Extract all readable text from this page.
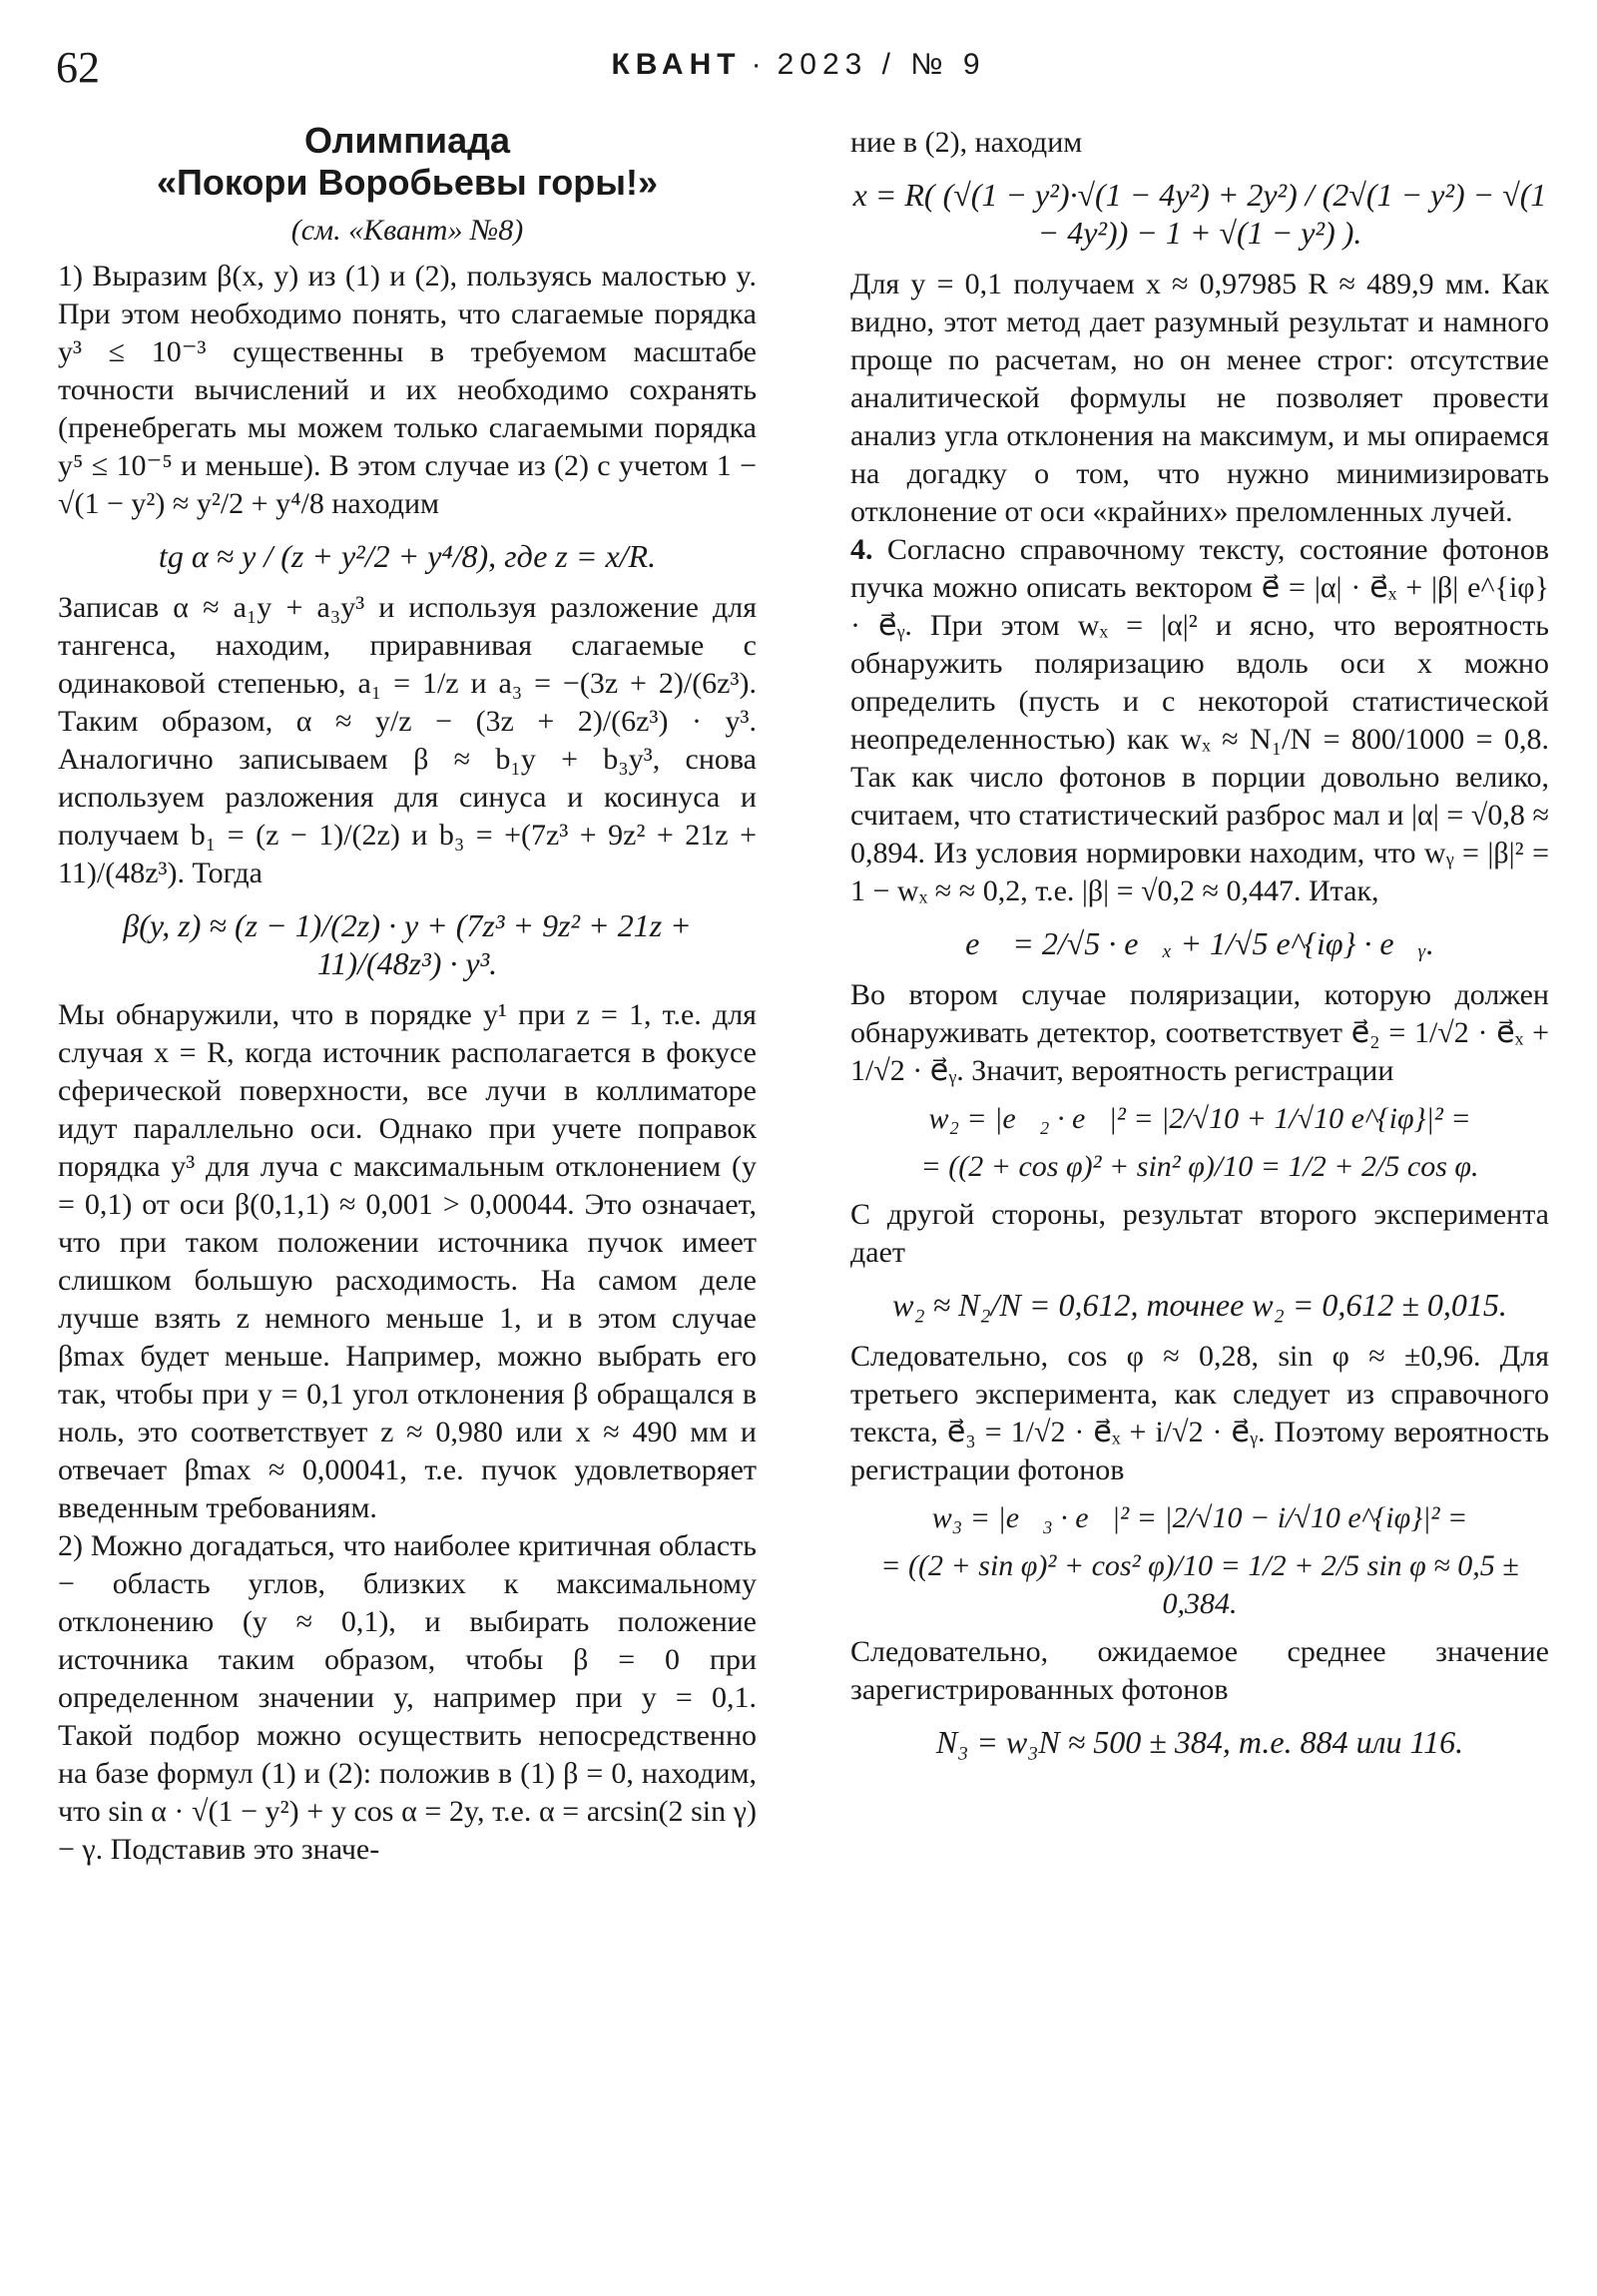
62	КВАНТ · 2023 / № 9
Олимпиада
«Покори Воробьевы горы!»
(см. «Квант» №8)

1) Выразим β(x, y) из (1) и (2), пользуясь малостью y. При этом необходимо понять, что слагаемые порядка y³ ≤ 10⁻³ существенны в требуемом масштабе точности вычислений и их необходимо сохранять (пренебрегать мы можем только слагаемыми порядка y⁵ ≤ 10⁻⁵ и меньше). В этом случае из (2) с учетом 1 − √(1 − y²) ≈ y²/2 + y⁴/8 находим

tg α ≈ y / (z + y²/2 + y⁴/8), где z = x/R.

Записав α ≈ a₁y + a₃y³ и используя разложение для тангенса, находим, приравнивая слагаемые с одинаковой степенью, a₁ = 1/z и a₃ = −(3z + 2)/(6z³). Таким образом, α ≈ y/z − (3z + 2)/(6z³) · y³. Аналогично записываем β ≈ b₁y + b₃y³, снова используем разложения для синуса и косинуса и получаем b₁ = (z − 1)/(2z) и b₃ = +(7z³ + 9z² + 21z + 11)/(48z³). Тогда

β(y, z) ≈ (z − 1)/(2z) · y + (7z³ + 9z² + 21z + 11)/(48z³) · y³.

Мы обнаружили, что в порядке y¹ при z = 1, т.е. для случая x = R, когда источник располагается в фокусе сферической поверхности, все лучи в коллиматоре идут параллельно оси. Однако при учете поправок порядка y³ для луча с максимальным отклонением (y = 0,1) от оси β(0,1,1) ≈ 0,001 > 0,00044. Это означает, что при таком положении источника пучок имеет слишком большую расходимость. На самом деле лучше взять z немного меньше 1, и в этом случае βmax будет меньше. Например, можно выбрать его так, чтобы при y = 0,1 угол отклонения β обращался в ноль, это соответствует z ≈ 0,980 или x ≈ 490 мм и отвечает βmax ≈ 0,00041, т.е. пучок удовлетворяет введенным требованиям.

2) Можно догадаться, что наиболее критичная область − область углов, близких к максимальному отклонению (y ≈ 0,1), и выбирать положение источника таким образом, чтобы β = 0 при определенном значении y, например при y = 0,1. Такой подбор можно осуществить непосредственно на базе формул (1) и (2): положив в (1) β = 0, находим, что sin α · √(1 − y²) + y cos α = 2y, т.е. α = arcsin(2 sin γ) − γ. Подставив это значе-

ние в (2), находим

x = R( (√(1 − y²)·√(1 − 4y²) + 2y²) / (2√(1 − y²) − √(1 − 4y²)) − 1 + √(1 − y²) ).

Для y = 0,1 получаем x ≈ 0,97985 R ≈ 489,9 мм. Как видно, этот метод дает разумный результат и намного проще по расчетам, но он менее строг: отсутствие аналитической формулы не позволяет провести анализ угла отклонения на максимум, и мы опираемся на догадку о том, что нужно минимизировать отклонение от оси «крайних» преломленных лучей.

4. Согласно справочному тексту, состояние фотонов пучка можно описать вектором e⃗ = |α| · e⃗ₓ + |β| e^{iφ} · e⃗ᵧ. При этом wₓ = |α|² и ясно, что вероятность обнаружить поляризацию вдоль оси x можно определить (пусть и с некоторой статистической неопределенностью) как wₓ ≈ N₁/N = 800/1000 = 0,8. Так как число фотонов в порции довольно велико, считаем, что статистический разброс мал и |α| = √0,8 ≈ 0,894. Из условия нормировки находим, что wᵧ = |β|² = 1 − wₓ ≈ ≈ 0,2, т.е. |β| = √0,2 ≈ 0,447. Итак,

e⃗ = 2/√5 · e⃗ₓ + 1/√5 e^{iφ} · e⃗ᵧ.

Во втором случае поляризации, которую должен обнаруживать детектор, соответствует e⃗₂ = 1/√2 · e⃗ₓ + 1/√2 · e⃗ᵧ. Значит, вероятность регистрации

w₂ = |e⃗₂ · e⃗|² = |2/√10 + 1/√10 e^{iφ}|² =
= ((2 + cos φ)² + sin² φ)/10 = 1/2 + 2/5 cos φ.

С другой стороны, результат второго эксперимента дает

w₂ ≈ N₂/N = 0,612, точнее w₂ = 0,612 ± 0,015.

Следовательно, cos φ ≈ 0,28, sin φ ≈ ±0,96. Для третьего эксперимента, как следует из справочного текста, e⃗₃ = 1/√2 · e⃗ₓ + i/√2 · e⃗ᵧ. Поэтому вероятность регистрации фотонов

w₃ = |e⃗₃ · e⃗|² = |2/√10 − i/√10 e^{iφ}|² =
= ((2 + sin φ)² + cos² φ)/10 = 1/2 + 2/5 sin φ ≈ 0,5 ± 0,384.

Следовательно, ожидаемое среднее значение зарегистрированных фотонов

N₃ = w₃N ≈ 500 ± 384, т.е. 884 или 116.
